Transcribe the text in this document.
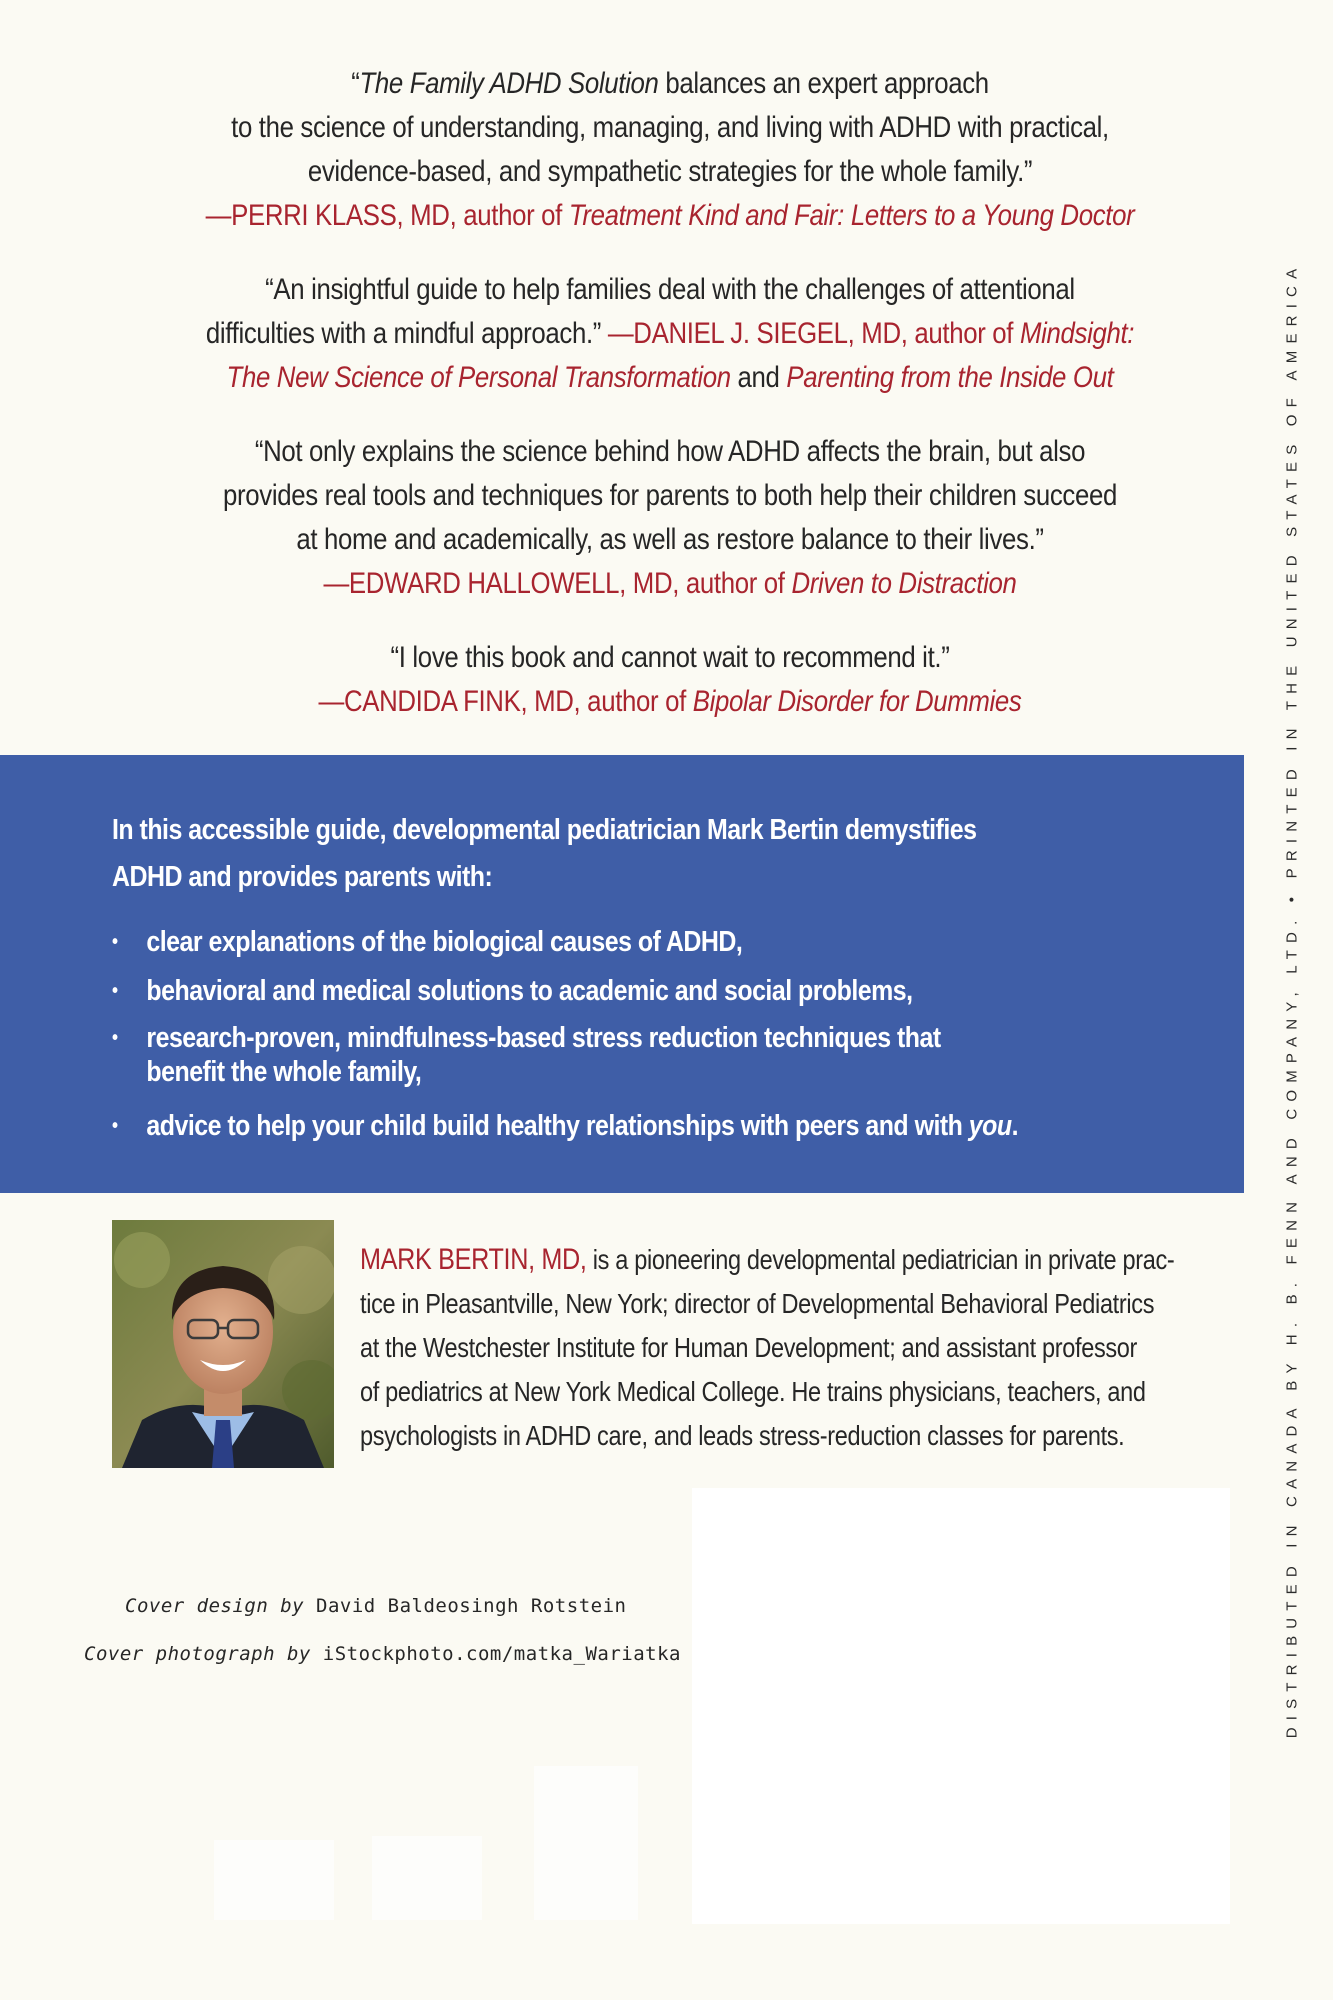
“The Family ADHD Solution balances an expert approach
to the science of understanding, managing, and living with ADHD with practical,
evidence-based, and sympathetic strategies for the whole family.”
—PERRI KLASS, MD, author of Treatment Kind and Fair: Letters to a Young Doctor
“An insightful guide to help families deal with the challenges of attentional
difficulties with a mindful approach.” —DANIEL J. SIEGEL, MD, author of Mindsight:
The New Science of Personal Transformation and Parenting from the Inside Out
“Not only explains the science behind how ADHD affects the brain, but also
provides real tools and techniques for parents to both help their children succeed
at home and academically, as well as restore balance to their lives.”
—EDWARD HALLOWELL, MD, author of Driven to Distraction
“I love this book and cannot wait to recommend it.”
—CANDIDA FINK, MD, author of Bipolar Disorder for Dummies
In this accessible guide, developmental pediatrician Mark Bertin demystifies
ADHD and provides parents with:
• clear explanations of the biological causes of ADHD,
• behavioral and medical solutions to academic and social problems,
• research-proven, mindfulness-based stress reduction techniques that
benefit the whole family,
• advice to help your child build healthy relationships with peers and with you.
MARK BERTIN, MD, is a pioneering developmental pediatrician in private prac-
tice in Pleasantville, New York; director of Developmental Behavioral Pediatrics
at the Westchester Institute for Human Development; and assistant professor
of pediatrics at New York Medical College. He trains physicians, teachers, and
psychologists in ADHD care, and leads stress-reduction classes for parents.
Cover design by David Baldeosingh Rotstein
Cover photograph by iStockphoto.com/matka_Wariatka	DISTRIBUTED IN CANADA BY H. B. FENN AND COMPANY, LTD. • PRINTED IN THE UNITED STATES OF AMERICA
